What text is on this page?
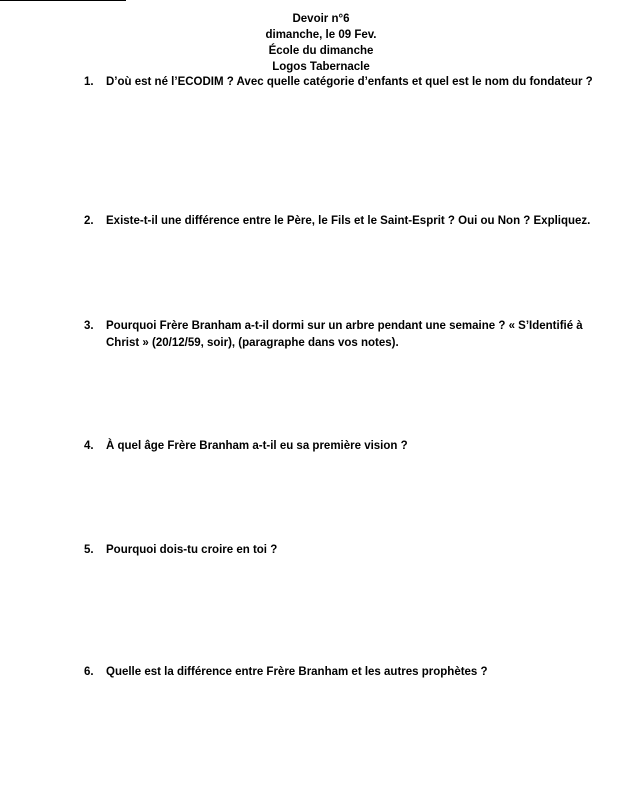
Devoir n°6
dimanche, le 09 Fev.
École du dimanche
Logos Tabernacle
1.	D’où est né l’ECODIM ? Avec quelle catégorie d’enfants et quel est le nom du fondateur ?
2.	Existe-t-il une différence entre le Père, le Fils et le Saint-Esprit ? Oui ou Non ? Expliquez.
3.	Pourquoi Frère Branham a-t-il dormi sur un arbre pendant une semaine ? « S’Identifié à Christ » (20/12/59, soir), (paragraphe dans vos notes).
4.	À quel âge Frère Branham a-t-il eu sa première vision ?
5.	Pourquoi dois-tu croire en toi ?
6.	Quelle est la différence entre Frère Branham et les autres prophètes ?
